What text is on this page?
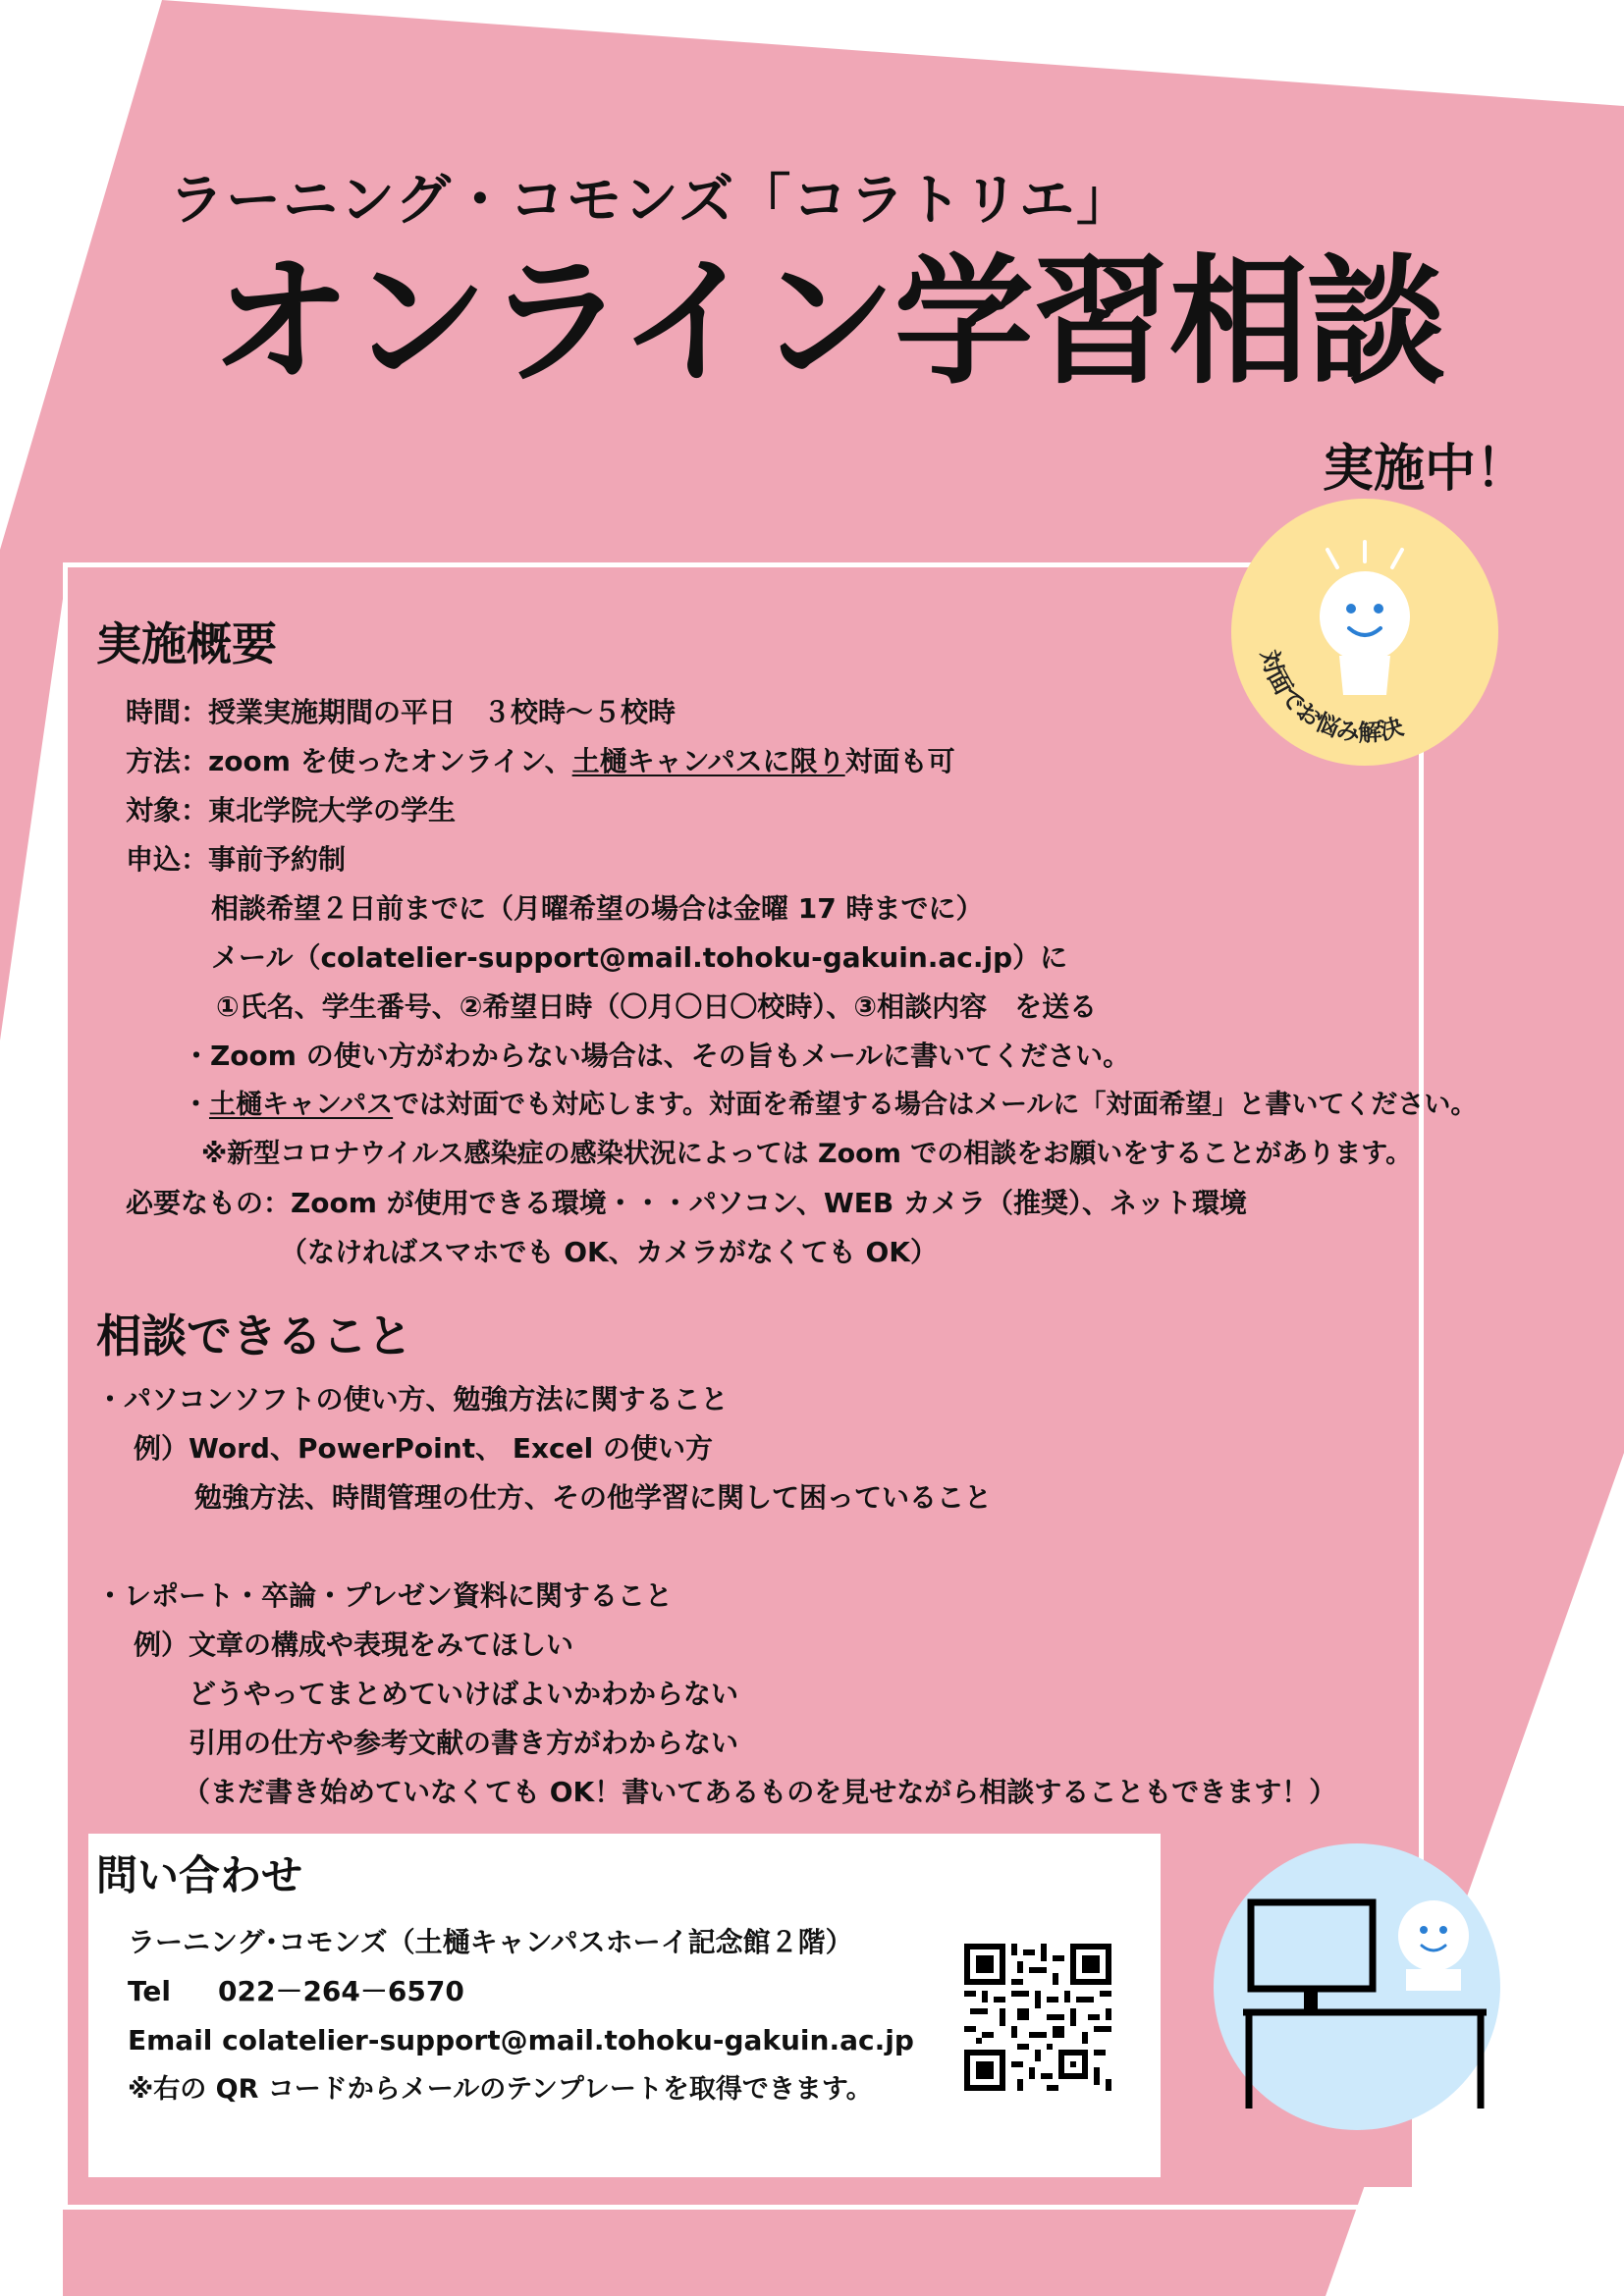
ラーニング・コモンズ「コラトリエ」
オンライン学習相談
実施中！
対面でお悩み解決
実施概要
時間：授業実施期間の平日　３校時～５校時
方法：zoom を使ったオンライン、土樋キャンパスに限り対面も可
対象：東北学院大学の学生
申込：事前予約制
相談希望２日前までに（月曜希望の場合は金曜 17 時までに）
メール（colatelier-support@mail.tohoku-gakuin.ac.jp）に
①氏名、学生番号、②希望日時（〇月〇日〇校時）、③相談内容　を送る
・Zoom の使い方がわからない場合は、その旨もメールに書いてください。
・土樋キャンパスでは対面でも対応します。対面を希望する場合はメールに「対面希望」と書いてください。
※新型コロナウイルス感染症の感染状況によっては Zoom での相談をお願いをすることがあります。
必要なもの：Zoom が使用できる環境・・・パソコン、WEB カメラ（推奨）、ネット環境
（なければスマホでも OK、カメラがなくても OK）
相談できること
・パソコンソフトの使い方、勉強方法に関すること
例）Word、PowerPoint、 Excel の使い方
勉強方法、時間管理の仕方、その他学習に関して困っていること
・レポート・卒論・プレゼン資料に関すること
例）文章の構成や表現をみてほしい
どうやってまとめていけばよいかわからない
引用の仕方や参考文献の書き方がわからない
（まだ書き始めていなくても OK！書いてあるものを見せながら相談することもできます！）
問い合わせ
ラーニング･コモンズ（土樋キャンパスホーイ記念館２階）
Tel 022－264－6570
Email colatelier-support@mail.tohoku-gakuin.ac.jp
※右の QR コードからメールのテンプレートを取得できます。
